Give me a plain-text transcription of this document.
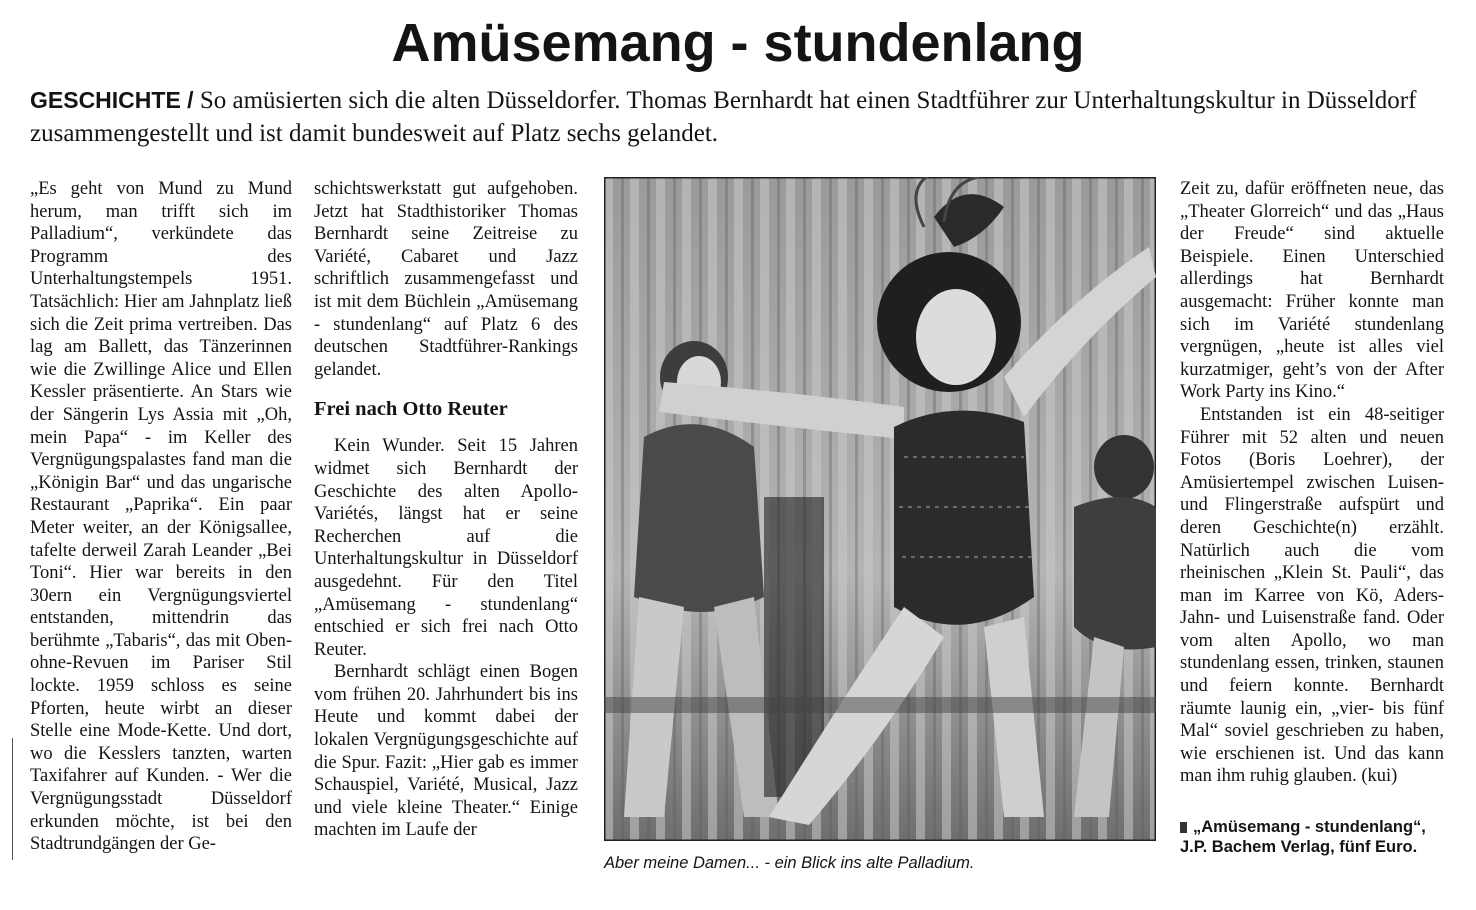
Amüsemang - stundenlang

GESCHICHTE / So amüsierten sich die alten Düsseldorfer. Thomas Bernhardt hat einen Stadtführer zur Unterhaltungskultur in Düsseldorf zusammengestellt und ist damit bundesweit auf Platz sechs gelandet.

„Es geht von Mund zu Mund herum, man trifft sich im Palladium“, verkündete das Programm des Unterhaltungstempels 1951. Tatsächlich: Hier am Jahnplatz ließ sich die Zeit prima vertreiben. Das lag am Ballett, das Tänzerinnen wie die Zwillinge Alice und Ellen Kessler präsentierte. An Stars wie der Sängerin Lys Assia mit „Oh, mein Papa“ - im Keller des Vergnügungspalastes fand man die „Königin Bar“ und das ungarische Restaurant „Paprika“. Ein paar Meter weiter, an der Königsallee, tafelte derweil Zarah Leander „Bei Toni“. Hier war bereits in den 30ern ein Vergnügungsviertel entstanden, mittendrin das berühmte „Tabaris“, das mit Oben-ohne-Revuen im Pariser Stil lockte. 1959 schloss es seine Pforten, heute wirbt an dieser Stelle eine Mode-Kette. Und dort, wo die Kesslers tanzten, warten Taxifahrer auf Kunden. - Wer die Vergnügungsstadt Düsseldorf erkunden möchte, ist bei den Stadtrundgängen der Ge-

schichtswerkstatt gut aufgehoben. Jetzt hat Stadthistoriker Thomas Bernhardt seine Zeitreise zu Variété, Cabaret und Jazz schriftlich zusammengefasst und ist mit dem Büchlein „Amüsemang - stundenlang“ auf Platz 6 des deutschen Stadtführer-Rankings gelandet.

Frei nach Otto Reuter

Kein Wunder. Seit 15 Jahren widmet sich Bernhardt der Geschichte des alten Apollo-Variétés, längst hat er seine Recherchen auf die Unterhaltungskultur in Düsseldorf ausgedehnt. Für den Titel „Amüsemang - stundenlang“ entschied er sich frei nach Otto Reuter.

Bernhardt schlägt einen Bogen vom frühen 20. Jahrhundert bis ins Heute und kommt dabei der lokalen Vergnügungsgeschichte auf die Spur. Fazit: „Hier gab es immer Schauspiel, Variété, Musical, Jazz und viele kleine Theater.“ Einige machten im Laufe der

Aber meine Damen... - ein Blick ins alte Palladium.

Zeit zu, dafür eröffneten neue, das „Theater Glorreich“ und das „Haus der Freude“ sind aktuelle Beispiele. Einen Unterschied allerdings hat Bernhardt ausgemacht: Früher konnte man sich im Variété stundenlang vergnügen, „heute ist alles viel kurzatmiger, geht’s von der After Work Party ins Kino.“

Entstanden ist ein 48-seitiger Führer mit 52 alten und neuen Fotos (Boris Loehrer), der Amüsiertempel zwischen Luisen- und Flingerstraße aufspürt und deren Geschichte(n) erzählt. Natürlich auch die vom rheinischen „Klein St. Pauli“, das man im Karree von Kö, Aders- Jahn- und Luisenstraße fand. Oder vom alten Apollo, wo man stundenlang essen, trinken, staunen und feiern konnte. Bernhardt räumte launig ein, „vier- bis fünf Mal“ soviel geschrieben zu haben, wie erschienen ist. Und das kann man ihm ruhig glauben. (kui)

„Amüsemang - stundenlang“, J.P. Bachem Verlag, fünf Euro.
